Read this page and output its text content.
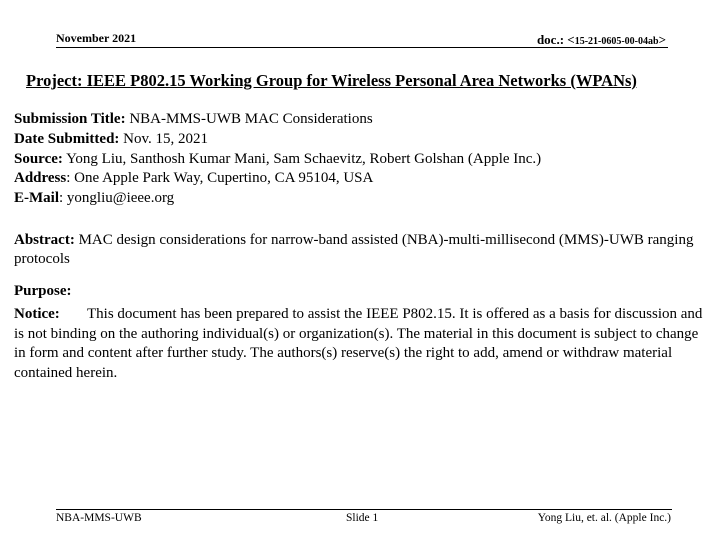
November 2021	doc.: <15-21-0605-00-04ab>
Project: IEEE P802.15 Working Group for Wireless Personal Area Networks (WPANs)
Submission Title: NBA-MMS-UWB MAC Considerations
Date Submitted: Nov. 15, 2021
Source: Yong Liu, Santhosh Kumar Mani, Sam Schaevitz, Robert Golshan (Apple Inc.)
Address: One Apple Park Way, Cupertino, CA 95104, USA
E-Mail: yongliu@ieee.org
Abstract: MAC design considerations for narrow-band assisted (NBA)-multi-millisecond (MMS)-UWB ranging protocols
Purpose:
Notice: This document has been prepared to assist the IEEE P802.15. It is offered as a basis for discussion and is not binding on the authoring individual(s) or organization(s). The material in this document is subject to change in form and content after further study. The authors(s) reserve(s) the right to add, amend or withdraw material contained herein.
NBA-MMS-UWB	Slide 1	Yong Liu, et. al. (Apple Inc.)
